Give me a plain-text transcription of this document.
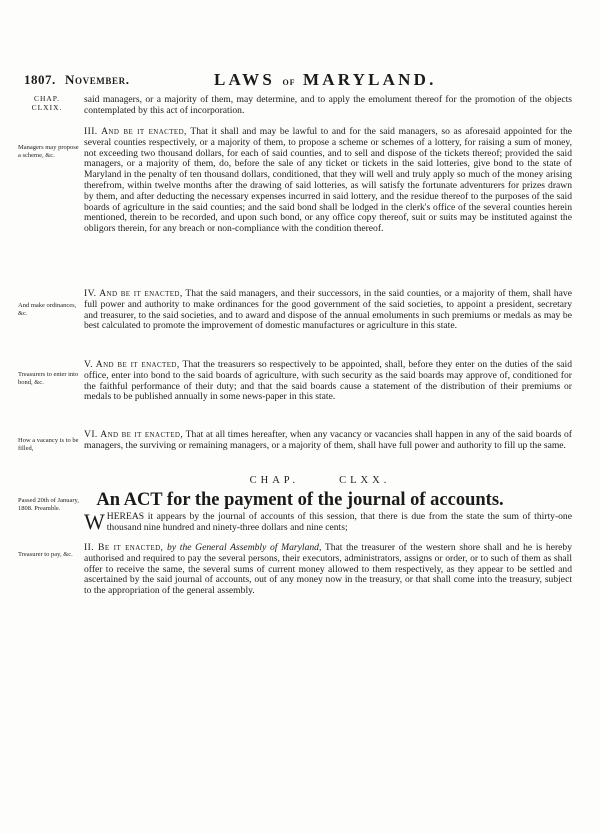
1807. November.	LAWS of MARYLAND.
CHAP.
CLXIX.
said managers, or a majority of them, may determine, and to apply the emolument thereof for the promotion of the objects contemplated by this act of incorporation.
Managers may propose a scheme, &c.
III. And be it enacted, That it shall and may be lawful to and for the said managers, so as aforesaid appointed for the several counties respectively, or a majority of them, to propose a scheme or schemes of a lottery, for raising a sum of money, not exceeding two thousand dollars, for each of said counties, and to sell and dispose of the tickets thereof; provided the said managers, or a majority of them, do, before the sale of any ticket or tickets in the said lotteries, give bond to the state of Maryland in the penalty of ten thousand dollars, conditioned, that they will well and truly apply so much of the money arising therefrom, within twelve months after the drawing of said lotteries, as will satisfy the fortunate adventurers for prizes drawn by them, and after deducting the necessary expenses incurred in said lottery, and the residue thereof to the purposes of the said boards of agriculture in the said counties; and the said bond shall be lodged in the clerk's office of the several counties herein mentioned, therein to be recorded, and upon such bond, or any office copy thereof, suit or suits may be instituted against the obligors therein, for any breach or non-compliance with the condition thereof.
And make ordinances, &c.
IV. And be it enacted, That the said managers, and their successors, in the said counties, or a majority of them, shall have full power and authority to make ordinances for the good government of the said societies, to appoint a president, secretary and treasurer, to the said societies, and to award and dispose of the annual emoluments in such premiums or medals as may be best calculated to promote the improvement of domestic manufactures or agriculture in this state.
Treasurers to enter into bond, &c.
V. And be it enacted, That the treasurers so respectively to be appointed, shall, before they enter on the duties of the said office, enter into bond to the said boards of agriculture, with such security as the said boards may approve of, conditioned for the faithful performance of their duty; and that the said boards cause a statement of the distribution of their premiums or medals to be published annually in some news-paper in this state.
How a vacancy is to be filled,
VI. And be it enacted, That at all times hereafter, when any vacancy or vacancies shall happen in any of the said boards of managers, the surviving or remaining managers, or a majority of them, shall have full power and authority to fill up the same.
CHAP.	CLXX.
An ACT for the payment of the journal of accounts.
Passed 20th of January, 1808. Preamble.
W HEREAS it appears by the journal of accounts of this session, that there is due from the state the sum of thirty-one thousand nine hundred and ninety-three dollars and nine cents;
Treasurer to pay, &c.
II. Be it enacted, by the General Assembly of Maryland, That the treasurer of the western shore shall and he is hereby authorised and required to pay the several persons, their executors, administrators, assigns or order, or to such of them as shall offer to receive the same, the several sums of current money allowed to them respectively, as they appear to be settled and ascertained by the said journal of accounts, out of any money now in the treasury, or that shall come into the treasury, subject to the appropriation of the general assembly.
